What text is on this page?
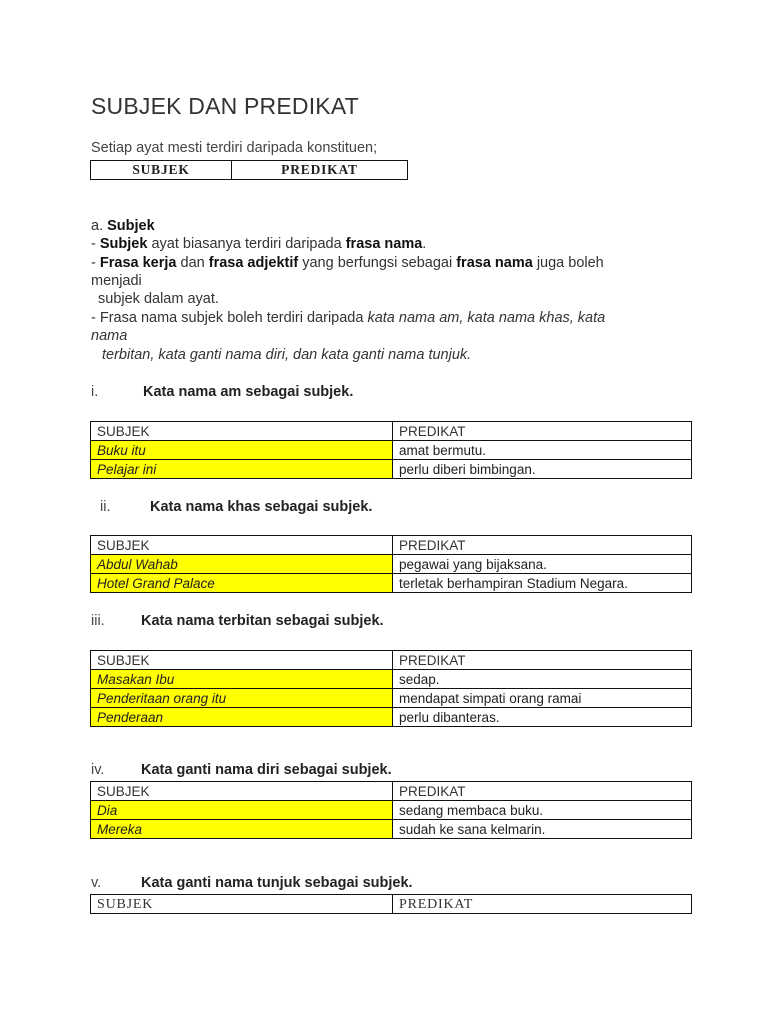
SUBJEK DAN PREDIKAT
Setiap ayat mesti terdiri daripada konstituen;
SUBJEK	PREDIKAT
a. Subjek
- Subjek ayat biasanya terdiri daripada frasa nama.
- Frasa kerja dan frasa adjektif yang berfungsi sebagai frasa nama juga boleh
menjadi
subjek dalam ayat.
- Frasa nama subjek boleh terdiri daripada kata nama am, kata nama khas, kata
nama
terbitan, kata ganti nama diri, dan kata ganti nama tunjuk.
i.	Kata nama am sebagai subjek.
SUBJEK	PREDIKAT
Buku itu	amat bermutu.
Pelajar ini	perlu diberi bimbingan.
ii.	Kata nama khas sebagai subjek.
SUBJEK	PREDIKAT
Abdul Wahab	pegawai yang bijaksana.
Hotel Grand Palace	terletak berhampiran Stadium Negara.
iii.	Kata nama terbitan sebagai subjek.
SUBJEK	PREDIKAT
Masakan Ibu	sedap.
Penderitaan orang itu	mendapat simpati orang ramai
Penderaan	perlu dibanteras.
iv.	Kata ganti nama diri sebagai subjek.
SUBJEK	PREDIKAT
Dia	sedang membaca buku.
Mereka	sudah ke sana kelmarin.
v.	Kata ganti nama tunjuk sebagai subjek.
SUBJEK	PREDIKAT
